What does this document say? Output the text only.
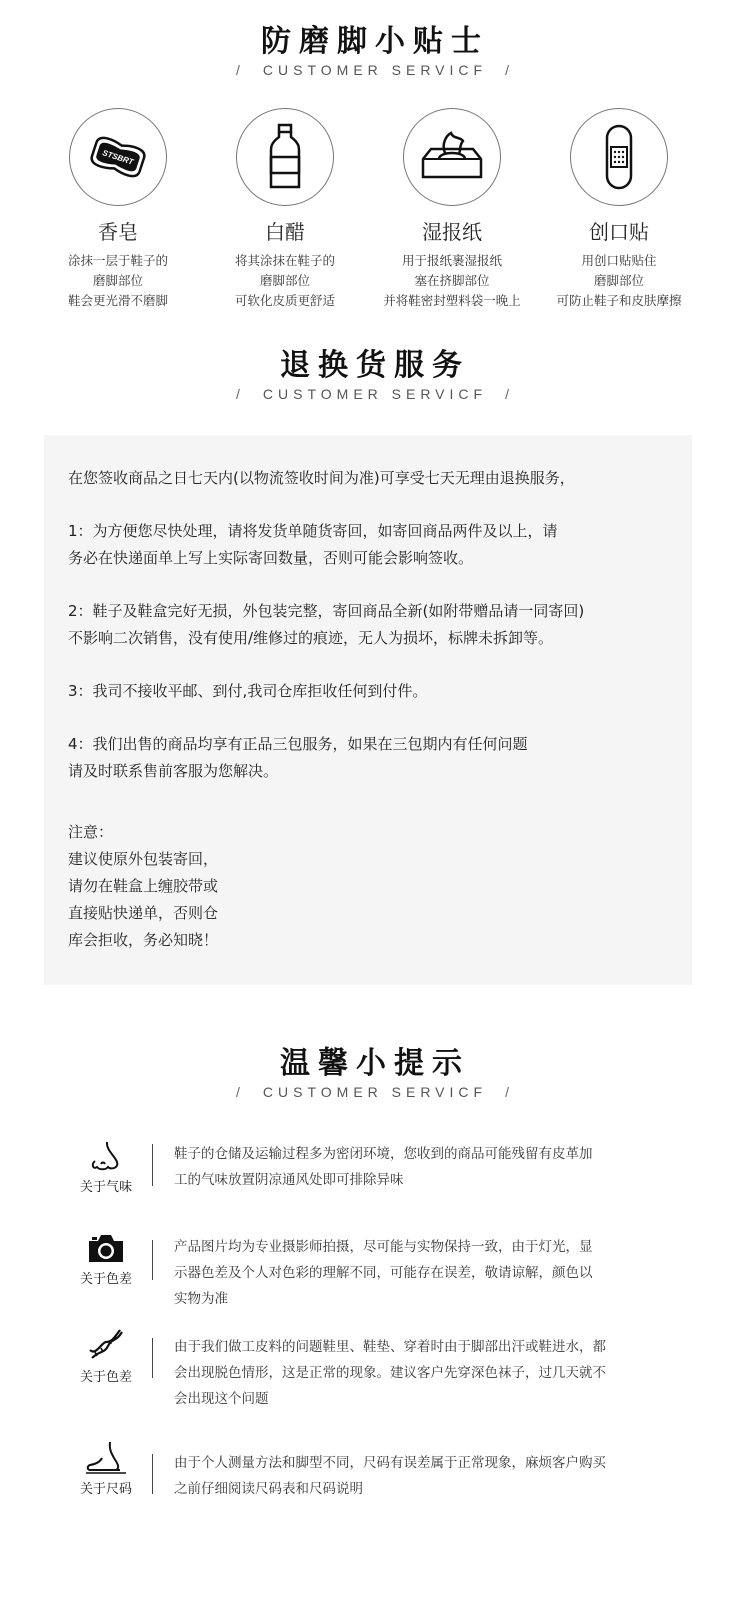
防磨脚小贴士
/ CUSTOMER SERVICF /
STSBRT
香皂
涂抹一层于鞋子的
磨脚部位
鞋会更光滑不磨脚
白醋
将其涂抹在鞋子的
磨脚部位
可软化皮质更舒适
湿报纸
用于报纸裹湿报纸
塞在挤脚部位
并将鞋密封塑料袋一晚上
创口贴
用创口贴贴住
磨脚部位
可防止鞋子和皮肤摩擦
退换货服务
/ CUSTOMER SERVICF /

在您签收商品之日七天内(以物流签收时间为准)可享受七天无理由退换服务，

1：为方便您尽快处理，请将发货单随货寄回，如寄回商品两件及以上，请

务必在快递面单上写上实际寄回数量，否则可能会影响签收。

2：鞋子及鞋盒完好无损，外包装完整，寄回商品全新(如附带赠品请一同寄回)

不影响二次销售，没有使用/维修过的痕迹，无人为损坏，标牌未拆卸等。

3：我司不接收平邮、到付,我司仓库拒收任何到付件。

4：我们出售的商品均享有正品三包服务，如果在三包期内有任何问题

请及时联系售前客服为您解决。

注意：

建议使原外包装寄回，

请勿在鞋盒上缠胶带或

直接贴快递单，否则仓

库会拒收，务必知晓！

温馨小提示
/ CUSTOMER SERVICF /
关于气味
鞋子的仓储及运输过程多为密闭环境，您收到的商品可能残留有皮革加
工的气味放置阴凉通风处即可排除异味
关于色差
产品图片均为专业摄影师拍摄，尽可能与实物保持一致，由于灯光，显
示器色差及个人对色彩的理解不同，可能存在误差，敬请谅解，颜色以
实物为准
关于色差
由于我们做工皮料的问题鞋里、鞋垫、穿着时由于脚部出汗或鞋进水，都
会出现脱色情形，这是正常的现象。建议客户先穿深色袜子，过几天就不
会出现这个问题
关于尺码
由于个人测量方法和脚型不同，尺码有误差属于正常现象，麻烦客户购买
之前仔细阅读尺码表和尺码说明
